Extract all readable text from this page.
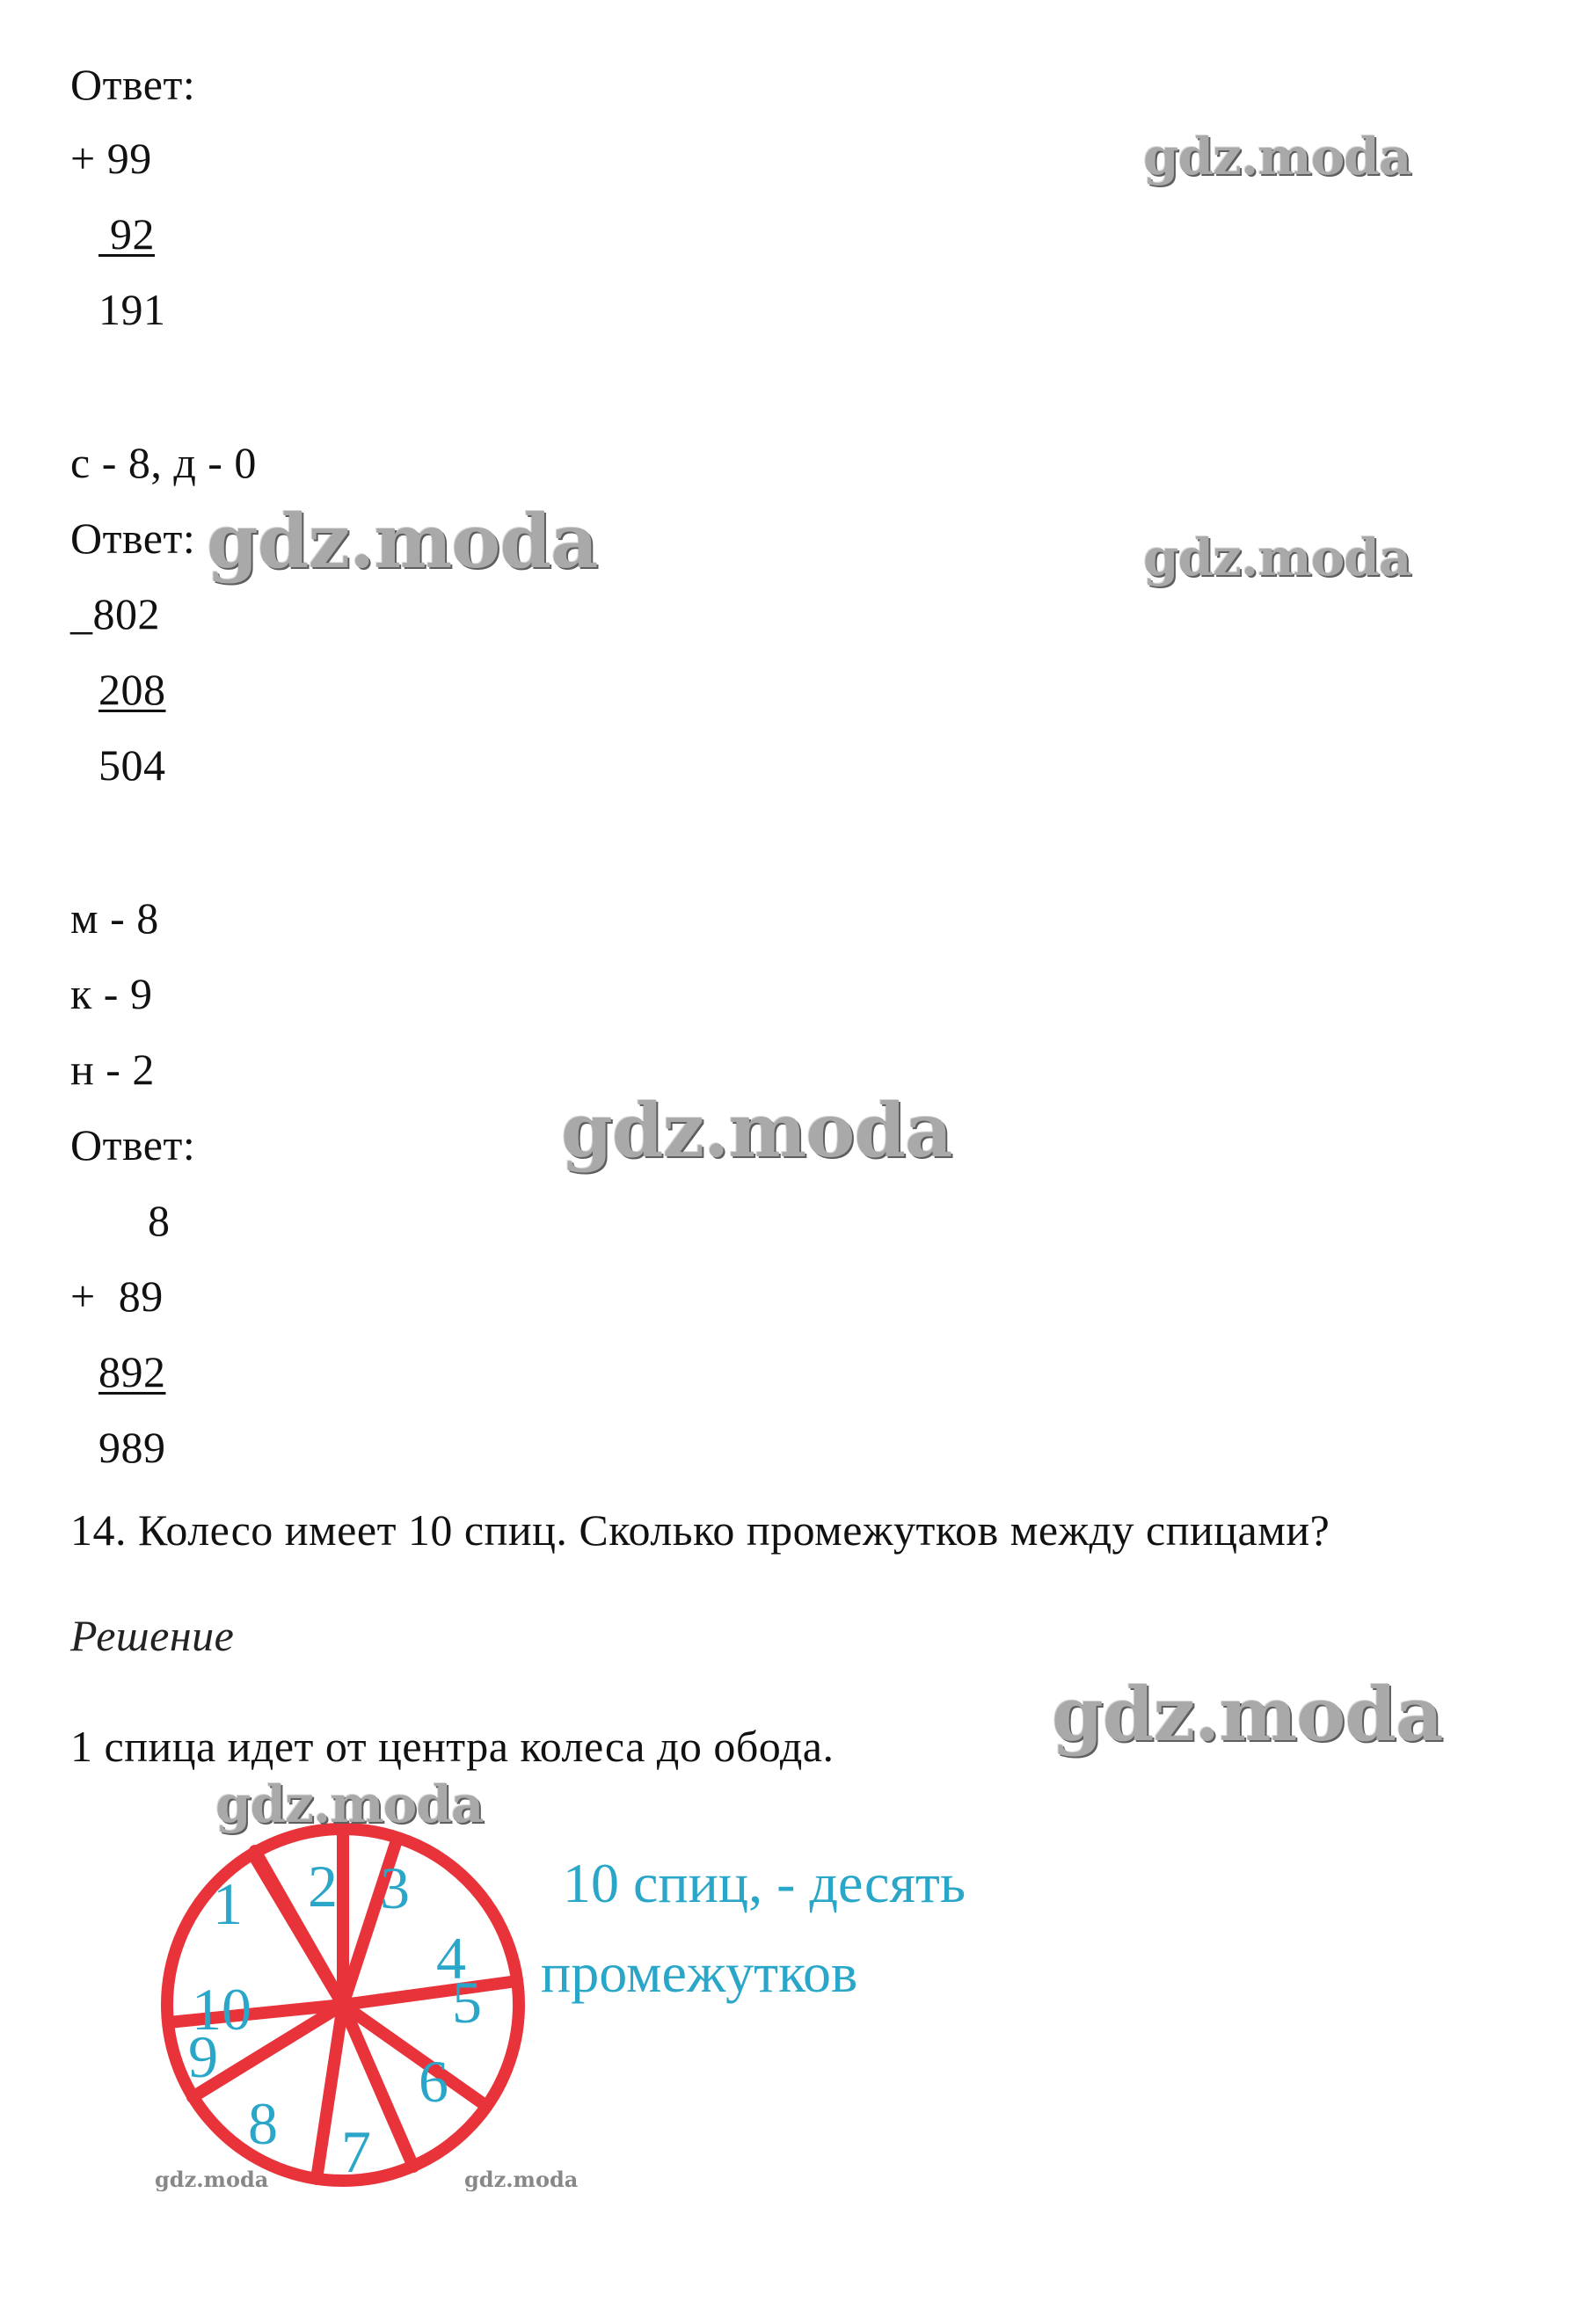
Ответ:
+ 99
92
191
с - 8, д - 0
Ответ:
_802
208
504
м - 8
к - 9
н - 2
Ответ:
8
+ 89
892
989
14. Колесо имеет 10 спиц. Сколько промежутков между спицами?
Решение
1 спица идет от центра колеса до обода.
1 2 3
4
5
6
7
8
9
10
10 спиц, - десять
промежутков
gdz.moda
gdz.moda	gdz.moda
gdz.moda
gdz.moda
gdz.moda
gdz.moda	gdz.moda
